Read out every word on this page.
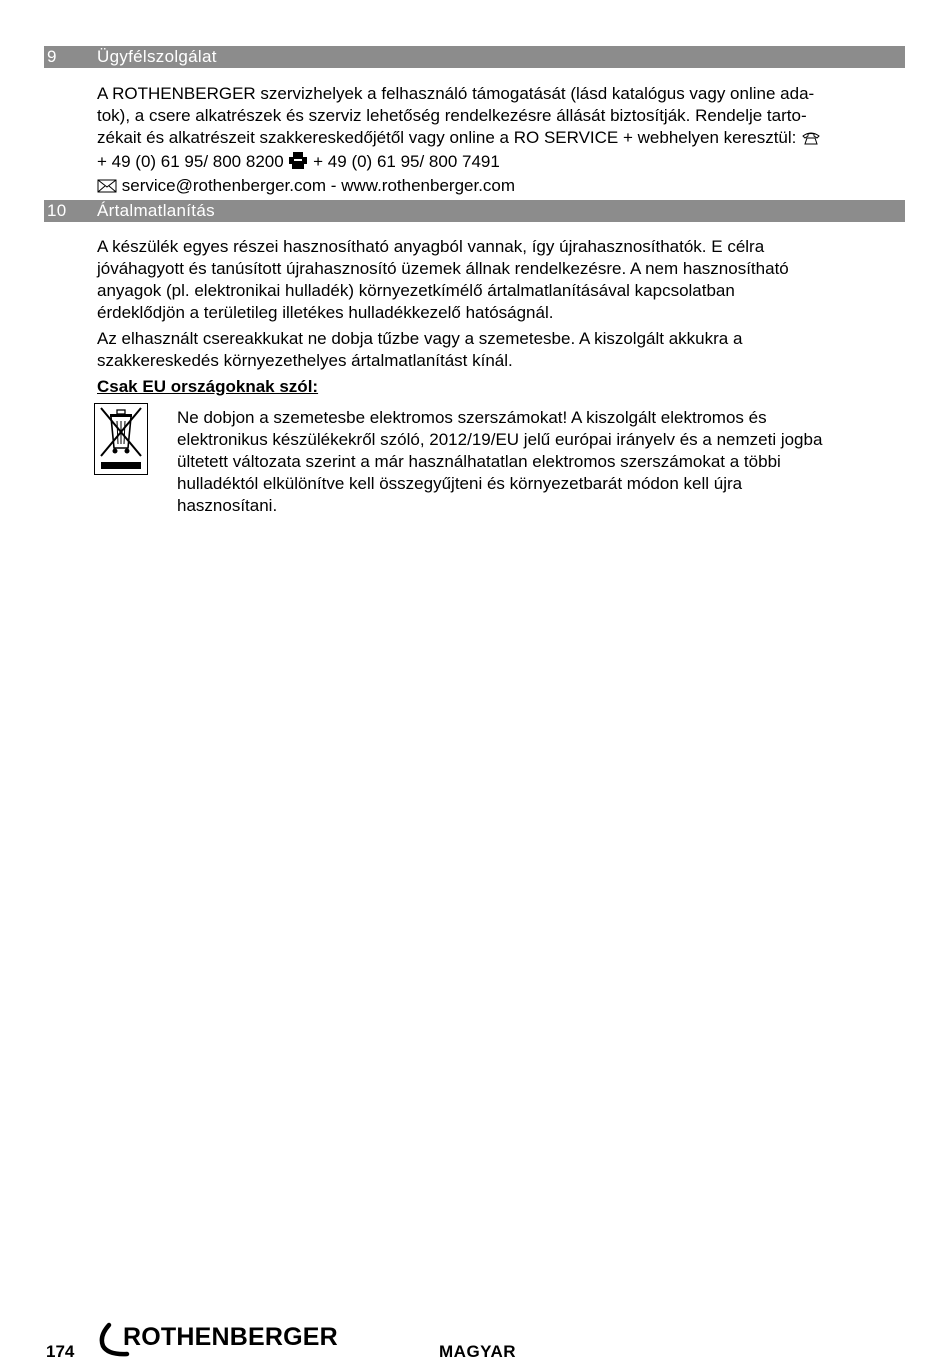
9 Ügyfélszolgálat
A ROTHENBERGER szervizhelyek a felhasználó támogatását (lásd katalógus vagy online ada-
tok), a csere alkatrészek és szerviz lehetőség rendelkezésre állását biztosítják. Rendelje tarto-
zékait és alkatrészeit szakkereskedőjétől vagy online a RO SERVICE + webhelyen keresztül:
+ 49 (0) 61 95/ 800 8200 + 49 (0) 61 95/ 800 7491
service@rothenberger.com - www.rothenberger.com
10 Ártalmatlanítás
A készülék egyes részei hasznosítható anyagból vannak, így újrahasznosíthatók. E célra
jóváhagyott és tanúsított újrahasznosító üzemek állnak rendelkezésre. A nem hasznosítható
anyagok (pl. elektronikai hulladék) környezetkímélő ártalmatlanításával kapcsolatban
érdeklődjön a területileg illetékes hulladékkezelő hatóságnál.
Az elhasznált csereakkukat ne dobja tűzbe vagy a szemetesbe. A kiszolgált akkukra a
szakkereskedés környezethelyes ártalmatlanítást kínál.
Csak EU országoknak szól:
Ne dobjon a szemetesbe elektromos szerszámokat! A kiszolgált elektromos és
elektronikus készülékekről szóló, 2012/19/EU jelű európai irányelv és a nemzeti jogba
ültetett változata szerint a már használhatatlan elektromos szerszámokat a többi
hulladéktól elkülönítve kell összegyűjteni és környezetbarát módon kell újra
hasznosítani.
174
ROTHENBERGER
MAGYAR
